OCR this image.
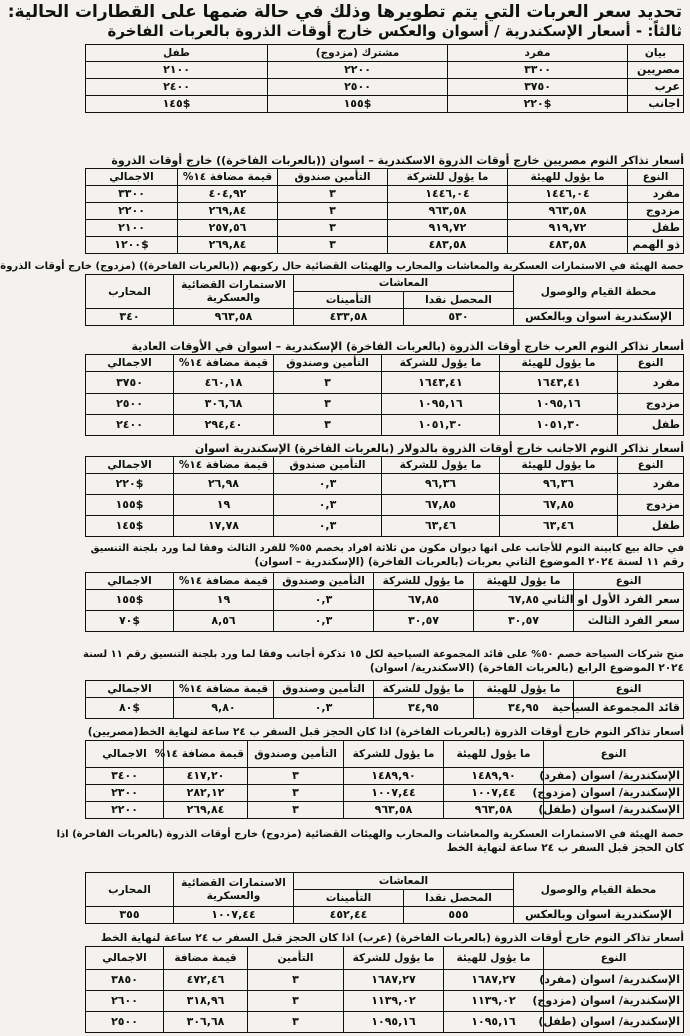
تحديد سعر العربات التي يتم تطويرها وذلك في حالة ضمها على القطارات الحالية:
ثالثاً: - أسعار الإسكندرية / أسوان والعكس خارج أوقات الذروة بالعربات الفاخرة
بيان	مفرد	مشترك (مزدوج)	طفل
مصريين	٣٣٠٠	٢٢٠٠	٢١٠٠
عرب	٣٧٥٠	٢٥٠٠	٢٤٠٠
اجانب	$٢٢٠	$١٥٥	$١٤٥
أسعار تذاكر النوم مصريين خارج أوقات الذروة الاسكندرية – اسوان ((بالعربات الفاخرة)) خارج أوقات الذروة
النوع	ما يؤول للهيئة	ما يؤول للشركة	التأمين صندوق	قيمة مضافة ١٤%	الاجمالي
مفرد	١٤٤٦,٠٤	١٤٤٦,٠٤	٣	٤٠٤,٩٢	٣٣٠٠
مزدوج	٩٦٣,٥٨	٩٦٣,٥٨	٣	٢٦٩,٨٤	٢٢٠٠
طفل	٩١٩,٧٢	٩١٩,٧٢	٣	٢٥٧,٥٦	٢١٠٠
ذو الهمم	٤٨٣,٥٨	٤٨٣,٥٨	٣	٢٦٩,٨٤	$١٢٠٠
حصة الهيئة في الاستمارات العسكرية والمعاشات والمحارب والهيئات القضائية حال ركوبهم ((بالعربات الفاخرة)) (مزدوج) خارج أوقات الذروة
محطة القيام والوصول	المعاشات		الاستمارات القضائية والعسكرية	المحارب
	المحصل نقدا	التأمينات		
الإسكندرية اسوان وبالعكس	٥٣٠	٤٣٣,٥٨	٩٦٣,٥٨	٣٤٠
أسعار تذاكر النوم العرب خارج أوقات الذروة (بالعربات الفاخرة) الإسكندرية – اسوان في الأوقات العادية
النوع	ما يؤول للهيئة	ما يؤول للشركة	التأمين وصندوق	قيمة مضافة ١٤%	الاجمالي
مفرد	١٦٤٣,٤١	١٦٤٣,٤١	٣	٤٦٠,١٨	٣٧٥٠
مزدوج	١٠٩٥,١٦	١٠٩٥,١٦	٣	٣٠٦,٦٨	٢٥٠٠
طفل	١٠٥١,٣٠	١٠٥١,٣٠	٣	٢٩٤,٤٠	٢٤٠٠
أسعار تذاكر النوم الاجانب خارج أوقات الذروة بالدولار (بالعربات الفاخرة) الإسكندرية اسوان
النوع	ما يؤول للهيئة	ما يؤول للشركة	التأمين صندوق	قيمة مضافة ١٤%	الاجمالي
مفرد	٩٦,٣٦	٩٦,٣٦	٠,٣	٢٦,٩٨	$٢٢٠
مزدوج	٦٧,٨٥	٦٧,٨٥	٠,٣	١٩	$١٥٥
طفل	٦٣,٤٦	٦٣,٤٦	٠,٣	١٧,٧٨	$١٤٥
في حالة بيع كابينة النوم للأجانب على انها ديوان مكون من ثلاثة افراد بخصم ٥٥% للفرد الثالث وفقا لما ورد بلجنة التنسيق
رقم ١١ لسنة ٢٠٢٤ الموضوع الثاني بعربات (بالعربات الفاخرة) (الإسكندرية – اسوان)
النوع	ما يؤول للهيئة	ما يؤول للشركة	التأمين وصندوق	قيمة مضافة ١٤%	الاجمالي
سعر الفرد الأول او الثاني	٦٧,٨٥	٦٧,٨٥	٠,٣	١٩	$١٥٥
سعر الفرد الثالث	٣٠,٥٧	٣٠,٥٧	٠,٣	٨,٥٦	$٧٠
منح شركات السياحة خصم ٥٠% على قائد المجموعة السياحية لكل ١٥ تذكرة أجانب وفقا لما ورد بلجنة التنسيق رقم ١١ لسنة
٢٠٢٤ الموضوع الرابع (بالعربات الفاخرة) (الاسكندرية/ اسوان)
النوع	ما يؤول للهيئة	ما يؤول للشركة	التأمين وصندوق	قيمة مضافة ١٤%	الاجمالي
قائد المجموعة السياحية	٣٤,٩٥	٣٤,٩٥	٠,٣	٩,٨٠	$٨٠
أسعار تذاكر النوم خارج أوقات الذروة (بالعربات الفاخرة) اذا كان الحجز قبل السفر ب ٢٤ ساعة لنهاية الخط(مصريين)
النوع	ما يؤول للهيئة	ما يؤول للشركة	التأمين وصندوق	قيمة مضافة ١٤%	الاجمالي
الإسكندرية/ اسوان (مفرد)	١٤٨٩,٩٠	١٤٨٩,٩٠	٣	٤١٧,٢٠	٣٤٠٠
الإسكندرية/ اسوان (مزدوج)	١٠٠٧,٤٤	١٠٠٧,٤٤	٣	٢٨٢,١٢	٢٣٠٠
الإسكندرية/ اسوان (طفل)	٩٦٣,٥٨	٩٦٣,٥٨	٣	٢٦٩,٨٤	٢٢٠٠
حصة الهيئة في الاستمارات العسكرية والمعاشات والمحارب والهيئات القضائية (مزدوج) خارج أوقات الذروة (بالعربات الفاخرة) اذا
كان الحجز قبل السفر ب ٢٤ ساعة لنهاية الخط
محطة القيام والوصول	المعاشات		الاستمارات القضائية والعسكرية	المحارب
	المحصل نقدا	التأمينات		
الإسكندرية اسوان وبالعكس	٥٥٥	٤٥٢,٤٤	١٠٠٧,٤٤	٣٥٥
أسعار تذاكر النوم خارج أوقات الذروة (بالعربات الفاخرة) (عرب) اذا كان الحجز قبل السفر ب ٢٤ ساعة لنهاية الخط
النوع	ما يؤول للهيئة	ما يؤول للشركة	التأمين	قيمة مضافة	الاجمالي
الإسكندرية/ اسوان (مفرد)	١٦٨٧,٢٧	١٦٨٧,٢٧	٣	٤٧٢,٤٦	٣٨٥٠
الإسكندرية/ اسوان (مزدوج)	١١٣٩,٠٢	١١٣٩,٠٢	٣	٣١٨,٩٦	٢٦٠٠
الإسكندرية/ اسوان (طفل)	١٠٩٥,١٦	١٠٩٥,١٦	٣	٣٠٦,٦٨	٢٥٠٠
